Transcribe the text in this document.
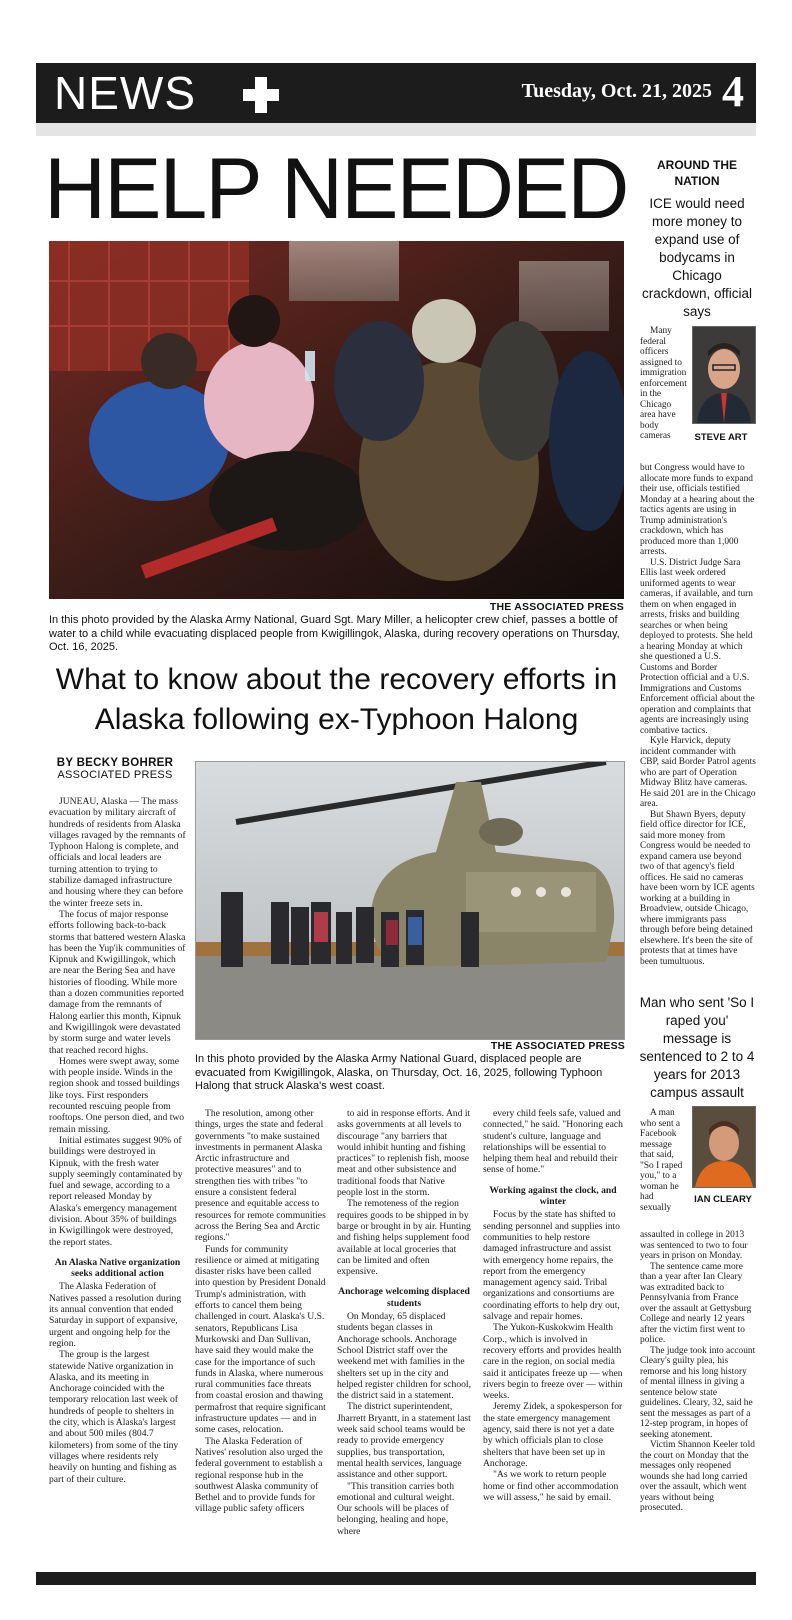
NEWS	Tuesday, Oct. 21, 2025 4
HELP NEEDED
THE ASSOCIATED PRESS
In this photo provided by the Alaska Army National, Guard Sgt. Mary Miller, a helicopter crew chief, passes a bottle of water to a child while evacuating displaced people from Kwigillingok, Alaska, during recovery operations on Thursday, Oct. 16, 2025.
What to know about the recovery efforts in Alaska following ex-Typhoon Halong
BY BECKY BOHRER
ASSOCIATED PRESS
THE ASSOCIATED PRESS
In this photo provided by the Alaska Army National Guard, displaced people are evacuated from Kwigillingok, Alaska, on Thursday, Oct. 16, 2025, following Typhoon Halong that struck Alaska's west coast.

JUNEAU, Alaska — The mass evacuation by military aircraft of hundreds of residents from Alaska villages ravaged by the remnants of Typhoon Halong is complete, and officials and local leaders are turning attention to trying to stabilize damaged infrastructure and housing where they can before the winter freeze sets in.

The focus of major response efforts following back-to-back storms that battered western Alaska has been the Yup'ik communities of Kipnuk and Kwigillingok, which are near the Bering Sea and have histories of flooding. While more than a dozen communities reported damage from the remnants of Halong earlier this month, Kipnuk and Kwigillingok were devastated by storm surge and water levels that reached record highs.

Homes were swept away, some with people inside. Winds in the region shook and tossed buildings like toys. First responders recounted rescuing people from rooftops. One person died, and two remain missing.

Initial estimates suggest 90% of buildings were destroyed in Kipnuk, with the fresh water supply seemingly contaminated by fuel and sewage, according to a report released Monday by Alaska's emergency management division. About 35% of buildings in Kwigillingok were destroyed, the report states.

An Alaska Native organization seeks additional action

The Alaska Federation of Natives passed a resolution during its annual convention that ended Saturday in support of expansive, urgent and ongoing help for the region.

The group is the largest statewide Native organization in Alaska, and its meeting in Anchorage coincided with the temporary relocation last week of hundreds of people to shelters in the city, which is Alaska's largest and about 500 miles (804.7 kilometers) from some of the tiny villages where residents rely heavily on hunting and fishing as part of their culture.

The resolution, among other things, urges the state and federal governments "to make sustained investments in permanent Alaska Arctic infrastructure and protective measures" and to strengthen ties with tribes "to ensure a consistent federal presence and equitable access to resources for remote communities across the Bering Sea and Arctic regions."

Funds for community resilience or aimed at mitigating disaster risks have been called into question by President Donald Trump's administration, with efforts to cancel them being challenged in court. Alaska's U.S. senators, Republicans Lisa Murkowski and Dan Sullivan, have said they would make the case for the importance of such funds in Alaska, where numerous rural communities face threats from coastal erosion and thawing permafrost that require significant infrastructure updates — and in some cases, relocation.

The Alaska Federation of Natives' resolution also urged the federal government to establish a regional response hub in the southwest Alaska community of Bethel and to provide funds for village public safety officers

to aid in response efforts. And it asks governments at all levels to discourage "any barriers that would inhibit hunting and fishing practices" to replenish fish, moose meat and other subsistence and traditional foods that Native people lost in the storm.

The remoteness of the region requires goods to be shipped in by barge or brought in by air. Hunting and fishing helps supplement food available at local groceries that can be limited and often expensive.

Anchorage welcoming displaced students

On Monday, 65 displaced students began classes in Anchorage schools. Anchorage School District staff over the weekend met with families in the shelters set up in the city and helped register children for school, the district said in a statement.

The district superintendent, Jharrett Bryantt, in a statement last week said school teams would be ready to provide emergency supplies, bus transportation, mental health services, language assistance and other support.

"This transition carries both emotional and cultural weight. Our schools will be places of belonging, healing and hope, where

every child feels safe, valued and connected," he said. "Honoring each student's culture, language and relationships will be essential to helping them heal and rebuild their sense of home."

Working against the clock, and winter

Focus by the state has shifted to sending personnel and supplies into communities to help restore damaged infrastructure and assist with emergency home repairs, the report from the emergency management agency said. Tribal organizations and consortiums are coordinating efforts to help dry out, salvage and repair homes.

The Yukon-Kuskokwim Health Corp., which is involved in recovery efforts and provides health care in the region, on social media said it anticipates freeze up — when rivers begin to freeze over — within weeks.

Jeremy Zidek, a spokesperson for the state emergency management agency, said there is not yet a date by which officials plan to close shelters that have been set up in Anchorage.

"As we work to return people home or find other accommodation we will assess," he said by email.

AROUND THE NATION
ICE would need more money to expand use of bodycams in Chicago crackdown, official says
STEVE ART

Many federal officers assigned to immigration enforcement in the Chicago area have body cameras

but Congress would have to allocate more funds to expand their use, officials testified Monday at a hearing about the tactics agents are using in Trump administration's crackdown, which has produced more than 1,000 arrests.

U.S. District Judge Sara Ellis last week ordered uniformed agents to wear cameras, if available, and turn them on when engaged in arrests, frisks and building searches or when being deployed to protests. She held a hearing Monday at which she questioned a U.S. Customs and Border Protection official and a U.S. Immigrations and Customs Enforcement official about the operation and complaints that agents are increasingly using combative tactics.

Kyle Harvick, deputy incident commander with CBP, said Border Patrol agents who are part of Operation Midway Blitz have cameras. He said 201 are in the Chicago area.

But Shawn Byers, deputy field office director for ICE, said more money from Congress would be needed to expand camera use beyond two of that agency's field offices. He said no cameras have been worn by ICE agents working at a building in Broadview, outside Chicago, where immigrants pass through before being detained elsewhere. It's been the site of protests that at times have been tumultuous.

Man who sent 'So I raped you' message is sentenced to 2 to 4 years for 2013 campus assault
IAN CLEARY

A man who sent a Facebook message that said, "So I raped you," to a woman he had sexually

assaulted in college in 2013 was sentenced to two to four years in prison on Monday.

The sentence came more than a year after Ian Cleary was extradited back to Pennsylvania from France over the assault at Gettysburg College and nearly 12 years after the victim first went to police.

The judge took into account Cleary's guilty plea, his remorse and his long history of mental illness in giving a sentence below state guidelines. Cleary, 32, said he sent the messages as part of a 12-step program, in hopes of seeking atonement.

Victim Shannon Keeler told the court on Monday that the messages only reopened wounds she had long carried over the assault, which went years without being prosecuted.
